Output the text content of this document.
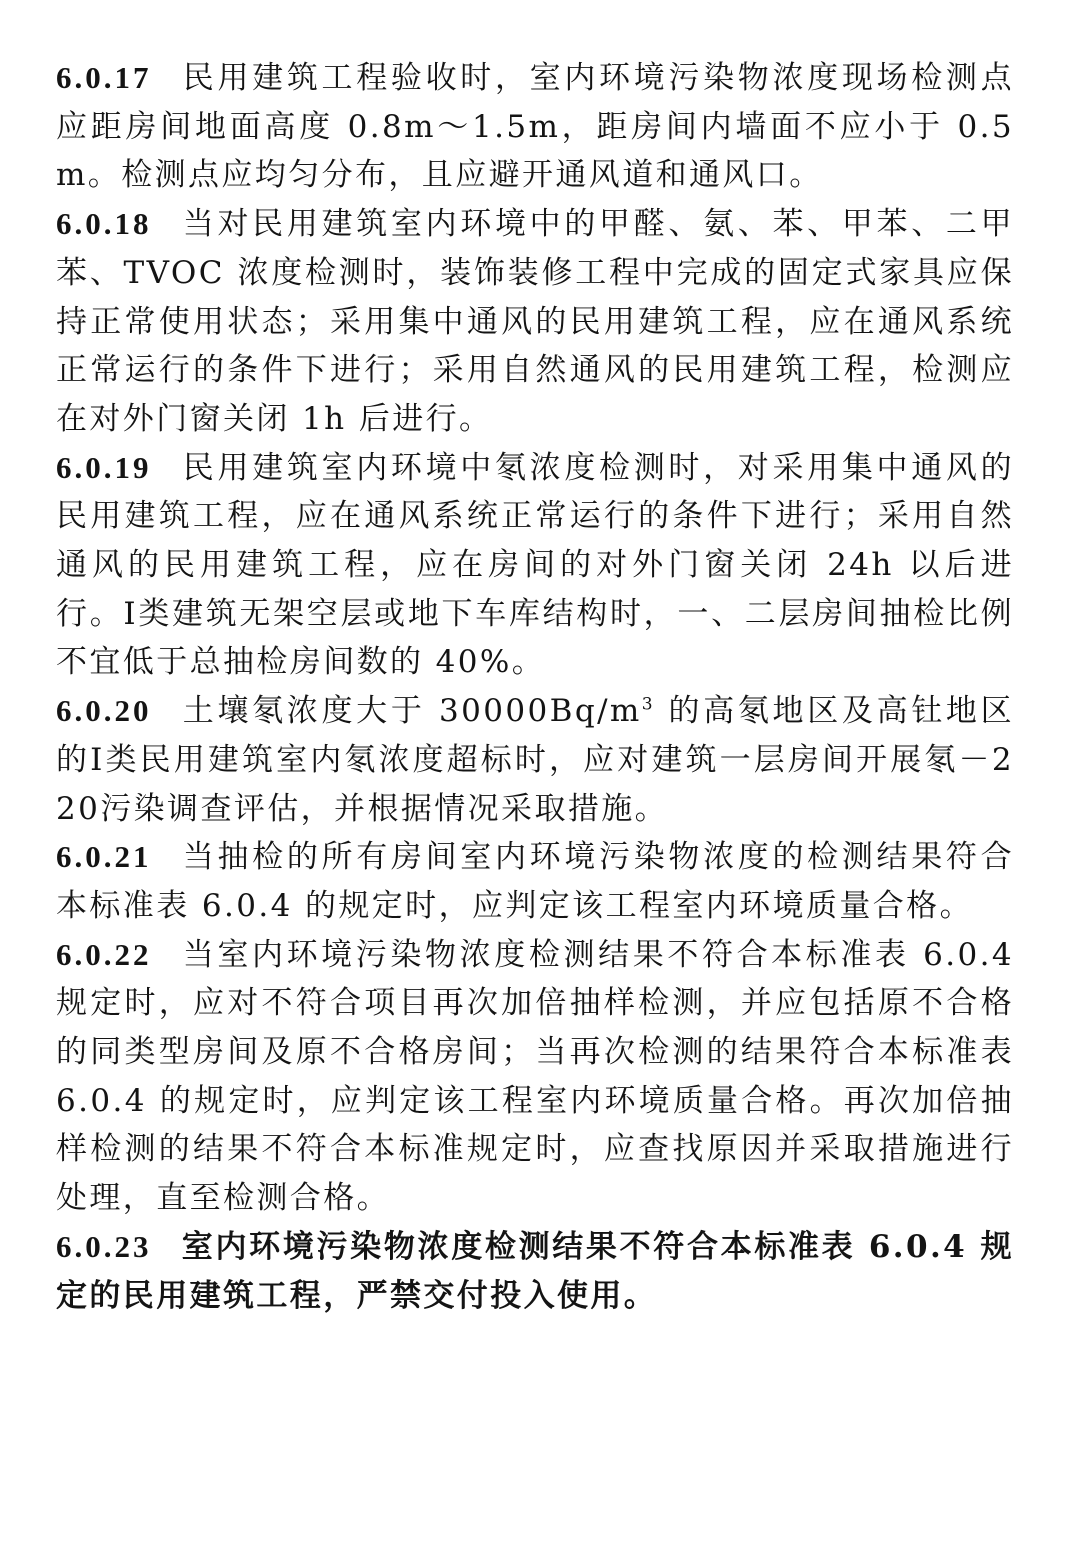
6.0.17 民用建筑工程验收时，室内环境污染物浓度现场检测点应距房间地面高度 0.8m～1.5m，距房间内墙面不应小于 0.5m。检测点应均匀分布，且应避开通风道和通风口。

6.0.18 当对民用建筑室内环境中的甲醛、氨、苯、甲苯、二甲苯、TVOC 浓度检测时，装饰装修工程中完成的固定式家具应保持正常使用状态；采用集中通风的民用建筑工程，应在通风系统正常运行的条件下进行；采用自然通风的民用建筑工程，检测应在对外门窗关闭 1h 后进行。

6.0.19 民用建筑室内环境中氡浓度检测时，对采用集中通风的民用建筑工程，应在通风系统正常运行的条件下进行；采用自然通风的民用建筑工程，应在房间的对外门窗关闭 24h 以后进行。Ⅰ类建筑无架空层或地下车库结构时，一、二层房间抽检比例不宜低于总抽检房间数的 40%。

6.0.20 土壤氡浓度大于 $30000Bq/m^3$ 的高氡地区及高钍地区的Ⅰ类民用建筑室内氡浓度超标时，应对建筑一层房间开展氡－220污染调查评估，并根据情况采取措施。

6.0.21 当抽检的所有房间室内环境污染物浓度的检测结果符合本标准表 6.0.4 的规定时，应判定该工程室内环境质量合格。

6.0.22 当室内环境污染物浓度检测结果不符合本标准表 6.0.4 规定时，应对不符合项目再次加倍抽样检测，并应包括原不合格的同类型房间及原不合格房间；当再次检测的结果符合本标准表 6.0.4 的规定时，应判定该工程室内环境质量合格。再次加倍抽样检测的结果不符合本标准规定时，应查找原因并采取措施进行处理，直至检测合格。

6.0.23 室内环境污染物浓度检测结果不符合本标准表 6.0.4 规定的民用建筑工程，严禁交付投入使用。
